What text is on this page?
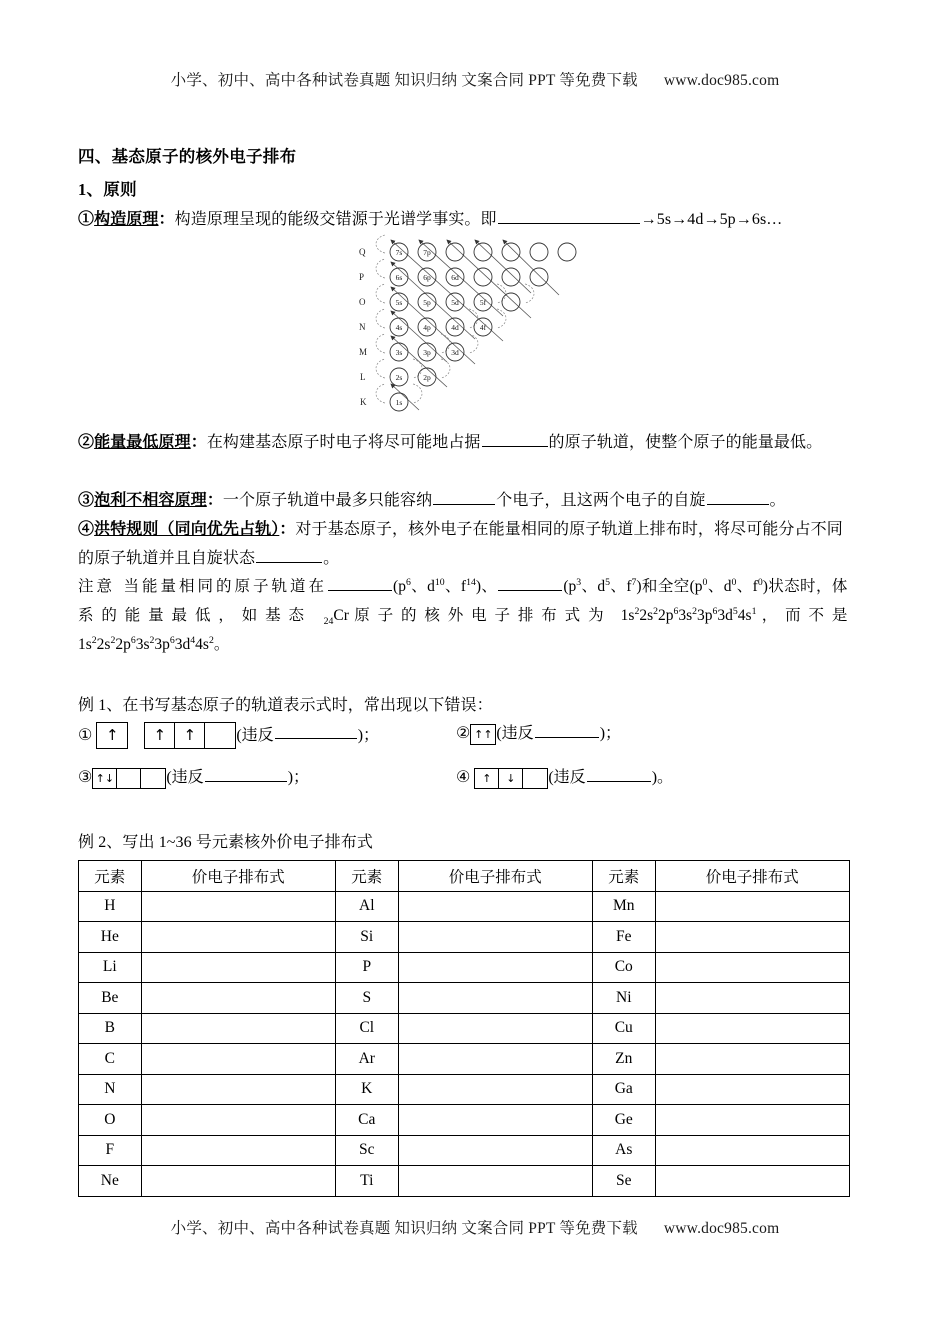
小学、初中、高中各种试卷真题 知识归纳 文案合同 PPT 等免费下载 www.doc985.com
四、基态原子的核外电子排布
1、原则
①构造原理：构造原理呈现的能级交错源于光谱学事实。即	→5s→4d→5p→6s…
Q
P
O
N
M
L
K
7s	7p
6s	6p	6d
5s	5p	5d	5f
4s	4p	4d	4f
3s	3p	3d
2s	2p
1s
②能量最低原理：在构建基态原子时电子将尽可能地占据	的原子轨道，使整个原子的能量最低。
③泡利不相容原理：一个原子轨道中最多只能容纳	个电子，且这两个电子的自旋	。
④洪特规则（同向优先占轨）：对于基态原子，核外电子在能量相同的原子轨道上排布时，将尽可能分占不同的原子轨道并且自旋状态	。
注意 当能量相同的原子轨道在	($p^6$、$d^{10}$、$f^{14}$)、	($p^3$、$d^5$、$f^7$)和全空($p^0$、$d^0$、$f^0$)状态时，体系的能量最低，如基态 $_{24}$Cr原子的核外电子排布式为 $1s^22s^22p^63s^23p^63d^54s^1$，而不是 $1s^22s^22p^63s^23p^63d^44s^2$。
例 1、在书写基态原子的轨道表示式时，常出现以下错误：
① ↑
	↑	↑	(违反	)；	② ↑↑ (违反	)；
③ ↑↓	(违反	)；	④	↑	↓	(违反	)。
例 2、写出 1~36 号元素核外价电子排布式
元素	价电子排布式	元素	价电子排布式	元素	价电子排布式
H		Al		Mn	
He		Si		Fe	
Li		P		Co	
Be		S		Ni	
B		Cl		Cu	
C		Ar		Zn	
N		K		Ga	
O		Ca		Ge	
F		Sc		As	
Ne		Ti		Se	
小学、初中、高中各种试卷真题 知识归纳 文案合同 PPT 等免费下载 www.doc985.com
